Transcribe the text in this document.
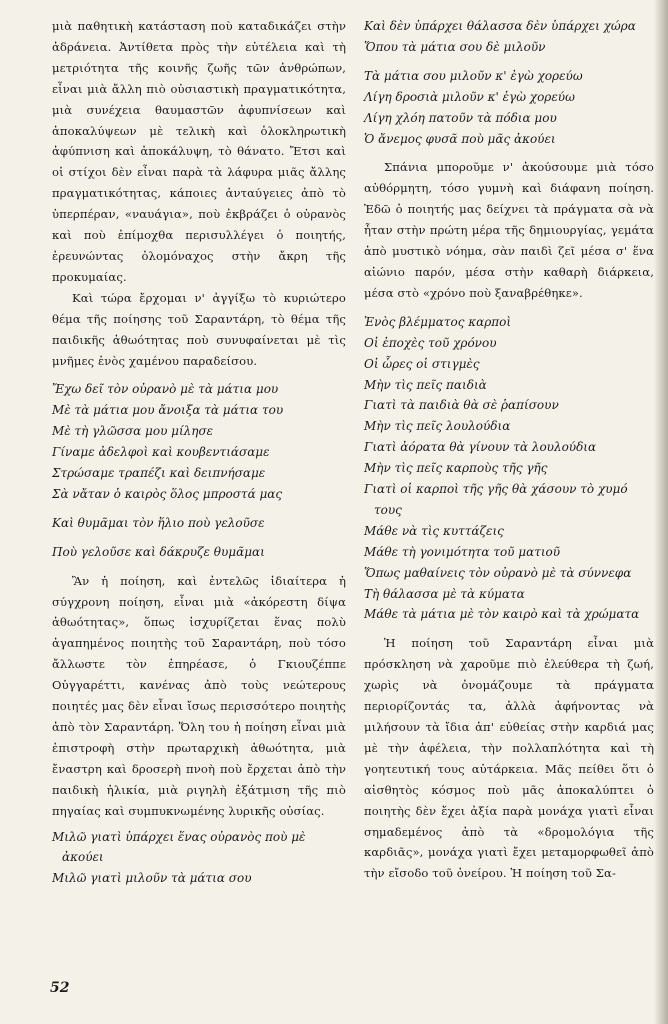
μιὰ παθητικὴ κατάσταση ποὺ καταδικάζει στὴν ἀδράνεια. Ἀντίθετα πρὸς τὴν εὐτέλεια καὶ τὴ μετριότητα τῆς κοινῆς ζωῆς τῶν ἀνθρώπων, εἶναι μιὰ ἄλλη πιὸ οὐσιαστικὴ πραγματικότητα, μιὰ συνέχεια θαυμαστῶν ἀφυπνίσεων καὶ ἀποκαλύψεων μὲ τελικὴ καὶ ὁλοκληρωτικὴ ἀφύπνιση καὶ ἀποκάλυψη, τὸ θάνατο. Ἔτσι καὶ οἱ στίχοι δὲν εἶναι παρὰ τὰ λάφυρα μιᾶς ἄλλης πραγματικότητας, κάποιες ἀνταύγειες ἀπὸ τὸ ὑπερπέραν, «ναυάγια», ποὺ ἐκβράζει ὁ οὐρανὸς καὶ ποὺ ἐπίμοχθα περισυλλέγει ὁ ποιητής, ἐρευνώντας ὁλομόναχος στὴν ἄκρη τῆς προκυμαίας.

Καὶ τώρα ἔρχομαι ν' ἀγγίξω τὸ κυριώτερο θέμα τῆς ποίησης τοῦ Σαραντάρη, τὸ θέμα τῆς παιδικῆς ἀθωότητας ποὺ συνυφαίνεται μὲ τὶς μνῆμες ἑνὸς χαμένου παραδείσου.

Ἔχω δεῖ τὸν οὐρανὸ μὲ τὰ μάτια μου
Μὲ τὰ μάτια μου ἄνοιξα τὰ μάτια του
Μὲ τὴ γλῶσσα μου μίλησε
Γίναμε ἀδελφοὶ καὶ κουβεντιάσαμε
Στρώσαμε τραπέζι καὶ δειπνήσαμε
Σὰ νἄταν ὁ καιρὸς ὅλος μπροστά μας
Καὶ θυμᾶμαι τὸν ἥλιο ποὺ γελοῦσε
Ποὺ γελοῦσε καὶ δάκρυζε θυμᾶμαι

Ἂν ἡ ποίηση, καὶ ἐντελῶς ἰδιαίτερα ἡ σύγχρονη ποίηση, εἶναι μιὰ «ἀκόρεστη δίψα ἀθωότητας», ὅπως ἰσχυρίζεται ἕνας πολὺ ἀγαπημένος ποιητὴς τοῦ Σαραντάρη, ποὺ τόσο ἄλλωστε τὸν ἐπηρέασε, ὁ Γκιουζέππε Οὐγγαρέττι, κανένας ἀπὸ τοὺς νεώτερους ποιητές μας δὲν εἶναι ἴσως περισσότερο ποιητὴς ἀπὸ τὸν Σαραντάρη. Ὅλη του ἡ ποίηση εἶναι μιὰ ἐπιστροφὴ στὴν πρωταρχικὴ ἀθωότητα, μιὰ ἔναστρη καὶ δροσερὴ πνοὴ ποὺ ἔρχεται ἀπὸ τὴν παιδικὴ ἡλικία, μιὰ ριγηλὴ ἐξάτμιση τῆς πιὸ πηγαίας καὶ συμπυκνωμένης λυρικῆς οὐσίας.

Μιλῶ γιατὶ ὑπάρχει ἕνας οὐρανὸς ποὺ μὲ ἀκούει
Μιλῶ γιατὶ μιλοῦν τὰ μάτια σου
Καὶ δὲν ὑπάρχει θάλασσα δὲν ὑπάρχει χώρα
Ὅπου τὰ μάτια σου δὲ μιλοῦν
Τὰ μάτια σου μιλοῦν κ' ἐγὼ χορεύω
Λίγη δροσιὰ μιλοῦν κ' ἐγὼ χορεύω
Λίγη χλόη πατοῦν τὰ πόδια μου
Ὁ ἄνεμος φυσᾶ ποὺ μᾶς ἀκούει

Σπάνια μποροῦμε ν' ἀκούσουμε μιὰ τόσο αὐθόρμητη, τόσο γυμνὴ καὶ διάφανη ποίηση. Ἐδῶ ὁ ποιητής μας δείχνει τὰ πράγματα σὰ νὰ ἦταν στὴν πρώτη μέρα τῆς δημιουργίας, γεμάτα ἀπὸ μυστικὸ νόημα, σὰν παιδὶ ζεῖ μέσα σ' ἕνα αἰώνιο παρόν, μέσα στὴν καθαρὴ διάρκεια, μέσα στὸ «χρόνο ποὺ ξαναβρέθηκε».

Ἑνὸς βλέμματος καρποὶ
Οἱ ἐποχὲς τοῦ χρόνου
Οἱ ὧρες οἱ στιγμὲς
Μὴν τὶς πεῖς παιδιὰ
Γιατὶ τὰ παιδιὰ θὰ σὲ ῥαπίσουν
Μὴν τὶς πεῖς λουλούδια
Γιατὶ ἀόρατα θὰ γίνουν τὰ λουλούδια
Μὴν τὶς πεῖς καρποὺς τῆς γῆς
Γιατὶ οἱ καρποὶ τῆς γῆς θὰ χάσουν τὸ χυμό τους
Μάθε νὰ τὶς κυττάζεις
Μάθε τὴ γονιμότητα τοῦ ματιοῦ
Ὅπως μαθαίνεις τὸν οὐρανὸ μὲ τὰ σύννεφα
Τὴ θάλασσα μὲ τὰ κύματα
Μάθε τὰ μάτια μὲ τὸν καιρὸ καὶ τὰ χρώματα

Ἡ ποίηση τοῦ Σαραντάρη εἶναι μιὰ πρόσκληση νὰ χαροῦμε πιὸ ἐλεύθερα τὴ ζωή, χωρὶς νὰ ὀνομάζουμε τὰ πράγματα περιορίζοντάς τα, ἀλλὰ ἀφήνοντας νὰ μιλήσουν τὰ ἴδια ἀπ' εὐθείας στὴν καρδιά μας μὲ τὴν ἀφέλεια, τὴν πολλαπλότητα καὶ τὴ γοητευτική τους αὐτάρκεια. Μᾶς πείθει ὅτι ὁ αἰσθητὸς κόσμος ποὺ μᾶς ἀποκαλύπτει ὁ ποιητὴς δὲν ἔχει ἀξία παρὰ μονάχα γιατὶ εἶναι σημαδεμένος ἀπὸ τὰ «δρομολόγια τῆς καρδιᾶς», μονάχα γιατὶ ἔχει μεταμορφωθεῖ ἀπὸ τὴν εἴσοδο τοῦ ὀνείρου. Ἡ ποίηση τοῦ Σα-

52
